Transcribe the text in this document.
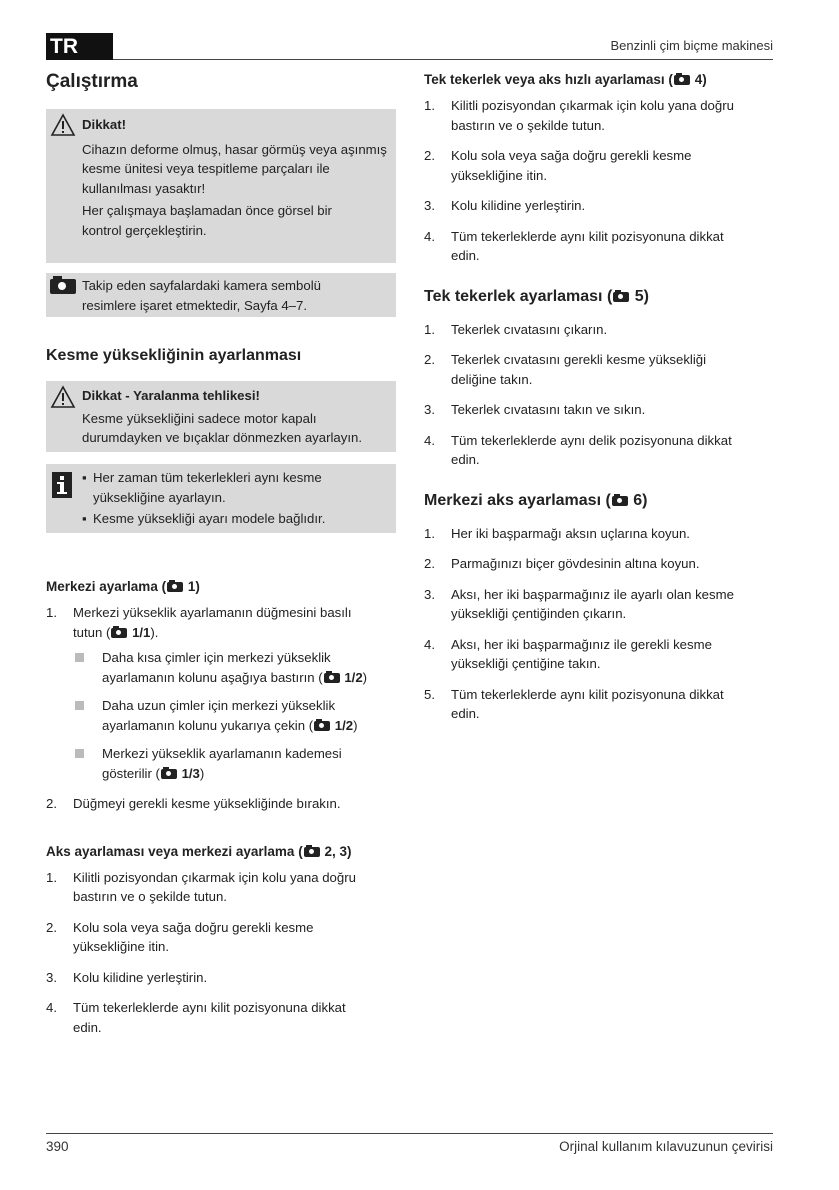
TR	Benzinli çim biçme makinesi
Çalıştırma
Dikkat!

Cihazın deforme olmuş, hasar görmüş veya aşınmış
kesme ünitesi veya tespitleme parçaları ile
kullanılması yasaktır!

Her çalışmaya başlamadan önce görsel bir
kontrol gerçekleştirin.

Takip eden sayfalardaki kamera sembolü
resimlere işaret etmektedir, Sayfa 4–7.
Kesme yüksekliğinin ayarlanması
Dikkat - Yaralanma tehlikesi!

Kesme yüksekliğini sadece motor kapalı
durumdayken ve bıçaklar dönmezken ayarlayın.

▪ Her zaman tüm tekerlekleri aynı kesme
yüksekliğine ayarlayın.
▪ Kesme yüksekliği ayarı modele bağlıdır.
Merkezi ayarlama ( 1)
1. Merkezi yükseklik ayarlamanın düğmesini basılı
tutun ( 1/1).
Daha kısa çimler için merkezi yükseklik
ayarlamanın kolunu aşağıya bastırın ( 1/2)
Daha uzun çimler için merkezi yükseklik
ayarlamanın kolunu yukarıya çekin ( 1/2)
Merkezi yükseklik ayarlamanın kademesi
gösterilir ( 1/3)
2. Düğmeyi gerekli kesme yüksekliğinde bırakın.
Aks ayarlaması veya merkezi ayarlama ( 2, 3)
1. Kilitli pozisyondan çıkarmak için kolu yana doğru
bastırın ve o şekilde tutun.
2. Kolu sola veya sağa doğru gerekli kesme
yüksekliğine itin.
3. Kolu kilidine yerleştirin.
4. Tüm tekerleklerde aynı kilit pozisyonuna dikkat
edin.
Tek tekerlek veya aks hızlı ayarlaması ( 4)
1. Kilitli pozisyondan çıkarmak için kolu yana doğru
bastırın ve o şekilde tutun.
2. Kolu sola veya sağa doğru gerekli kesme
yüksekliğine itin.
3. Kolu kilidine yerleştirin.
4. Tüm tekerleklerde aynı kilit pozisyonuna dikkat
edin.
Tek tekerlek ayarlaması ( 5)
1. Tekerlek cıvatasını çıkarın.
2. Tekerlek cıvatasını gerekli kesme yüksekliği
deliğine takın.
3. Tekerlek cıvatasını takın ve sıkın.
4. Tüm tekerleklerde aynı delik pozisyonuna dikkat
edin.
Merkezi aks ayarlaması ( 6)
1. Her iki başparmağı aksın uçlarına koyun.
2. Parmağınızı biçer gövdesinin altına koyun.
3. Aksı, her iki başparmağınız ile ayarlı olan kesme
yüksekliği çentiğinden çıkarın.
4. Aksı, her iki başparmağınız ile gerekli kesme
yüksekliği çentiğine takın.
5. Tüm tekerleklerde aynı kilit pozisyonuna dikkat
edin.
390	Orjinal kullanım kılavuzunun çevirisi
